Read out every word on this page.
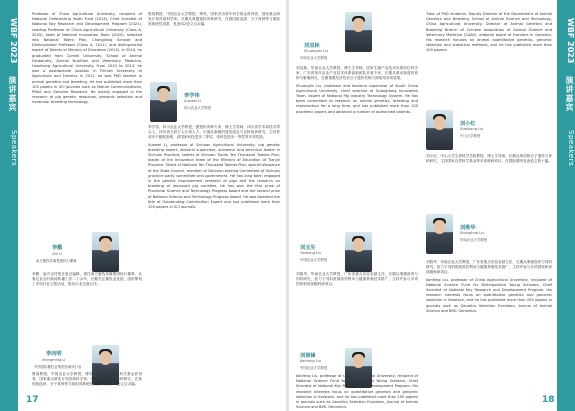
WBF 2023
演讲嘉宾
Speakers
WBF 2023
演讲嘉宾
Speakers

Professor of China Agricultural University, recipient of National Outstanding Youth Fund (2014), Chief Scientist of National Key Research and Development Program (2021), Leading Professor of China Agricultural University (Class A, 2020), head of National Innovation Team (2020), selected into National Talent Plan, Changjiang Scholar and Distinguished Professor (Class A, 2011), and distinguished expert of Talents of Ministry of Education (2015). In 2010, he graduated from Cornell University, School of Animal Husbandry, Animal Nutrition and Veterinary Medicine, Huazhong Agricultural University. From 2010 to 2014, he was a postdoctoral position in Finnish University of Agriculture and Forestry. In 2011, he was PhD student in animal genetics and breeding. He has published more than 100 papers in SCI journals such as Nature Communications, PNAS and Genome Research. He mainly engaged in the research of pig genetic resources, genomic selection and molecular breeding technology.

李勤
Qin Li
南方畜牧传媒集团执行董事

李勤，南方农村报社原总编辑，现任南方畜牧传媒集团执行董事，从事农业农村新闻传播工作二十余年，长期关注畜牧业发展，组织策划了多项行业大型活动，推动行业交流合作。

李向明
Xiangming Li
中国国际畜牧业集团首席执行官

鲁周教授，中国农业大学教授、博导。国家杰出青年科学基金获得者，国家重点研发计划首席科学家。长期从事猪遗传育种研究，在基因组选择、分子育种等方面取得系统性成果，发表SCI论文百余篇。

鲁周教授，中国农业大学教授、博导。国家杰出青年科学基金获得者，国家重点研发计划首席科学家。长期从事猪遗传育种研究，在基因组选择、分子育种等方面取得系统性成果，发表SCI论文百余篇。

李学伟
Xuewei Li
四川农业大学教授

李学伟，四川农业大学教授，猪遗传育种专家，博士生导师，四川省学术和技术带头人，四川省天府万人计划人才。长期从事猪的遗传改良与良种选育研究，主持育成多个猪配套系，获国家科技进步二等奖、省科技进步一等奖等多项奖励。

Xuewei Li, professor of Sichuan Agricultural University, pig genetic breeding expert, doctoral supervisor, academic and technical leader in Sichuan Province, talents of Sichuan Tianfu Ten Thousand Talents Plan, leader of the innovation team of the Ministry of Education of Tianjin Province. Talent of National Ten Thousand Talents Plan, special allowance of the State Council, member of Decision-making Committee of Sichuan province party committee and government. He has long been engaged in the genetic improvement research of pigs and the research on breeding of improved pig varieties. He has won the first prize of Provincial Science and Technology Progress Award and the second prize of National Science and Technology Progress Award. He was awarded the title of Outstanding Contribution Expert and has published more than 100 papers in SCI journals.

17
刘双林
Shuanglin Liu
华南农业大学教授

刘双林，华南农业大学教授、博士生导师，国家生猪产业技术体系岗位科学家，广东省现代农业产业技术体系创新团队首席专家，长期从事动物遗传育种与繁殖研究，在猪重要经济性状分子遗传机制方面取得多项成果。

Shuanglin Liu, professor and doctoral supervisor of South China Agricultural University, chief scientist of Guangdong Innovation Team, expert of National Pig Industry Technology System. He has been committed to research on animal genetics, breeding and reproduction for a long time, and has published more than 100 academic papers and obtained a number of authorized patents.

刘玉生
Yusheng Liu
中国农业大学教授

刘胜华，华南农业大学教授，广东省重点实验室副主任，长期从事猪营养与饲料研究，致力于饲料资源高效利用与健康养殖技术推广，主持并参与多项国家和省部级科研项目。

刘剑锋
Jianfeng Liu
中国农业大学教授

Jianfeng Liu, professor of China Agricultural University, recipient of National Science Fund for Distinguished Young Scholars, Chief Scientist of National Key Research and Development Program. His research interests focus on quantitative genetics and genomic selection in livestock, and he has published more than 200 papers in journals such as Genetics Selection Evolution, Journal of Animal Science and BMC Genomics.

Tutor of PhD students, Deputy Director of the Department of Animal Genetics and Breeding, School of Animal Science and Technology, China Agricultural University. Director of Animal Genetics and Breeding Branch of Chinese Association of Animal Science and Veterinary Medicine (CAAV), editorial board of Frontiers in Genetics. His research focuses on animal quantitative genetics, genomic selection and statistical methods, and he has published more than 100 papers.

刘小红
Xiaohong Liu
中山大学教授

刘小红，中山大学生命科学学院教授、博士生导师，长期从事动物分子遗传与育种研究，主持国家自然科学基金等多项科研项目，在国际期刊发表论文数十篇。

刘胜华
Shenghua Liu
华南农业大学教授

刘胜华，华南农业大学教授，广东省重点实验室副主任，长期从事猪营养与饲料研究，致力于饲料资源高效利用与健康养殖技术推广，主持并参与多项国家和省部级科研项目。

Jianfeng Liu, professor of China Agricultural University, recipient of National Science Fund for Distinguished Young Scholars, Chief Scientist of National Key Research and Development Program. His research interests focus on quantitative genetics and genomic selection in livestock, and he has published more than 200 papers in journals such as Genetics Selection Evolution, Journal of Animal Science and BMC Genomics.

18
